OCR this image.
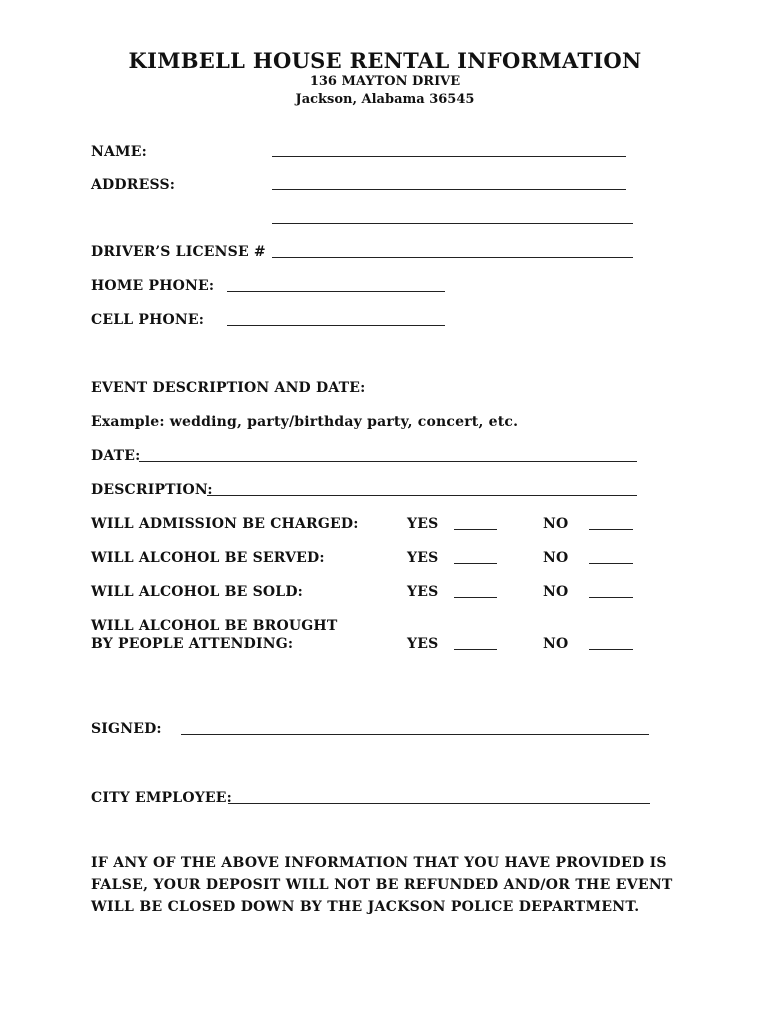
KIMBELL HOUSE RENTAL INFORMATION
136 MAYTON DRIVE
Jackson, Alabama 36545
NAME:
ADDRESS:
DRIVER’S LICENSE #
HOME PHONE:
CELL PHONE:
EVENT DESCRIPTION AND DATE:
Example: wedding, party/birthday party, concert, etc.
DATE:
DESCRIPTION:
WILL ADMISSION BE CHARGED:	YES	NO
WILL ALCOHOL BE SERVED:	YES	NO
WILL ALCOHOL BE SOLD:	YES	NO
WILL ALCOHOL BE BROUGHT
BY PEOPLE ATTENDING:	YES	NO
SIGNED:
CITY EMPLOYEE:
IF ANY OF THE ABOVE INFORMATION THAT YOU HAVE PROVIDED IS
FALSE, YOUR DEPOSIT WILL NOT BE REFUNDED AND/OR THE EVENT
WILL BE CLOSED DOWN BY THE JACKSON POLICE DEPARTMENT.
